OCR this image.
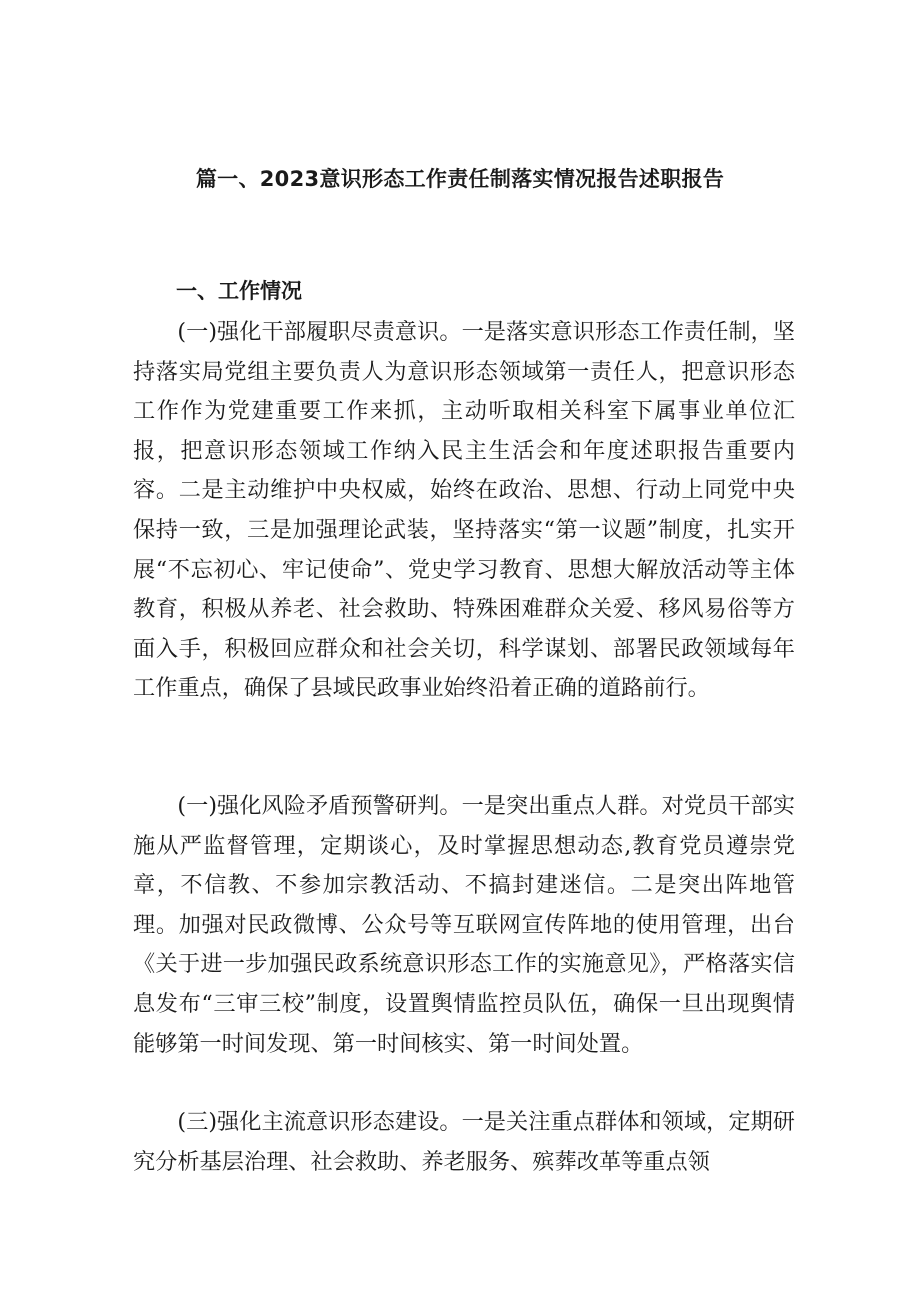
篇一、2023意识形态工作责任制落实情况报告述职报告
一、工作情况

(一)强化干部履职尽责意识。一是落实意识形态工作责任制，坚持落实局党组主要负责人为意识形态领域第一责任人，把意识形态工作作为党建重要工作来抓，主动听取相关科室下属事业单位汇报，把意识形态领域工作纳入民主生活会和年度述职报告重要内容。二是主动维护中央权威，始终在政治、思想、行动上同党中央保持一致，三是加强理论武装，坚持落实“第一议题”制度，扎实开展“不忘初心、牢记使命”、党史学习教育、思想大解放活动等主体教育，积极从养老、社会救助、特殊困难群众关爱、移风易俗等方面入手，积极回应群众和社会关切，科学谋划、部署民政领域每年工作重点，确保了县域民政事业始终沿着正确的道路前行。

(一)强化风险矛盾预警研判。一是突出重点人群。对党员干部实施从严监督管理，定期谈心，及时掌握思想动态,教育党员遵崇党章，不信教、不参加宗教活动、不搞封建迷信。二是突出阵地管理。加强对民政微博、公众号等互联网宣传阵地的使用管理，出台《关于进一步加强民政系统意识形态工作的实施意见》，严格落实信息发布“三审三校”制度，设置舆情监控员队伍，确保一旦出现舆情能够第一时间发现、第一时间核实、第一时间处置。

(三)强化主流意识形态建设。一是关注重点群体和领域，定期研究分析基层治理、社会救助、养老服务、殡葬改革等重点领
